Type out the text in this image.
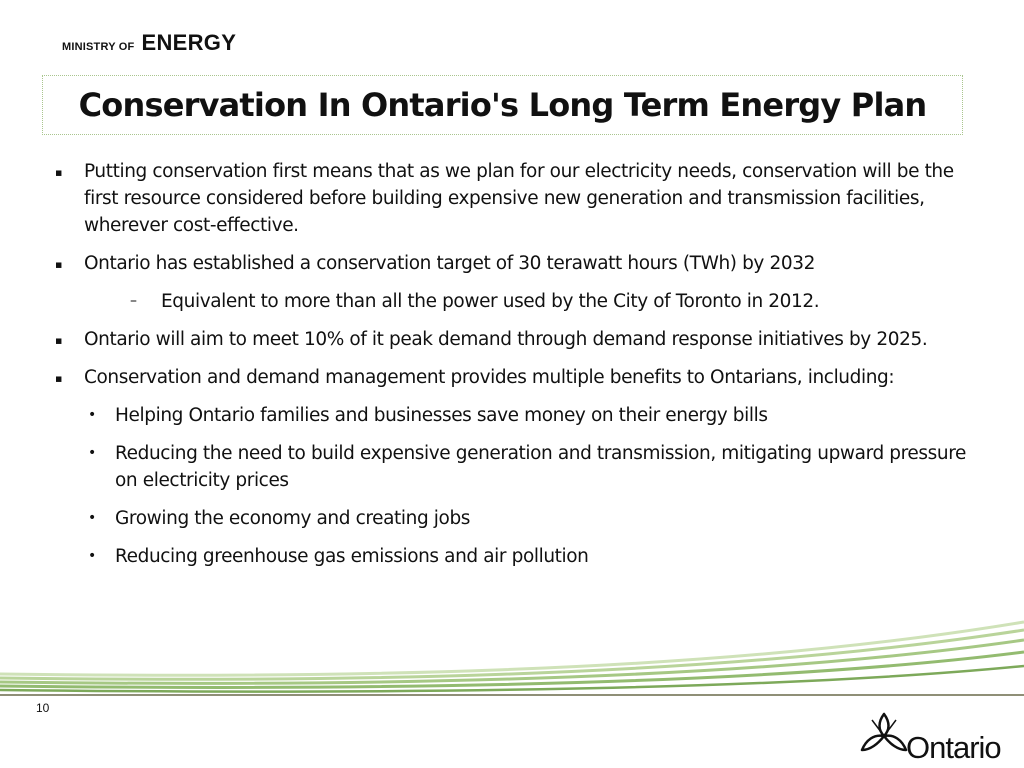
MINISTRY OF ENERGY
Conservation In Ontario's Long Term Energy Plan
▪ Putting conservation first means that as we plan for our electricity needs, conservation will be the first resource considered before building expensive new generation and transmission facilities, wherever cost-effective.
▪ Ontario has established a conservation target of 30 terawatt hours (TWh) by 2032
– Equivalent to more than all the power used by the City of Toronto in 2012.
▪ Ontario will aim to meet 10% of it peak demand through demand response initiatives by 2025.
▪ Conservation and demand management provides multiple benefits to Ontarians, including:
• Helping Ontario families and businesses save money on their energy bills
• Reducing the need to build expensive generation and transmission, mitigating upward pressure on electricity prices
• Growing the economy and creating jobs
• Reducing greenhouse gas emissions and air pollution
10
Ontario
